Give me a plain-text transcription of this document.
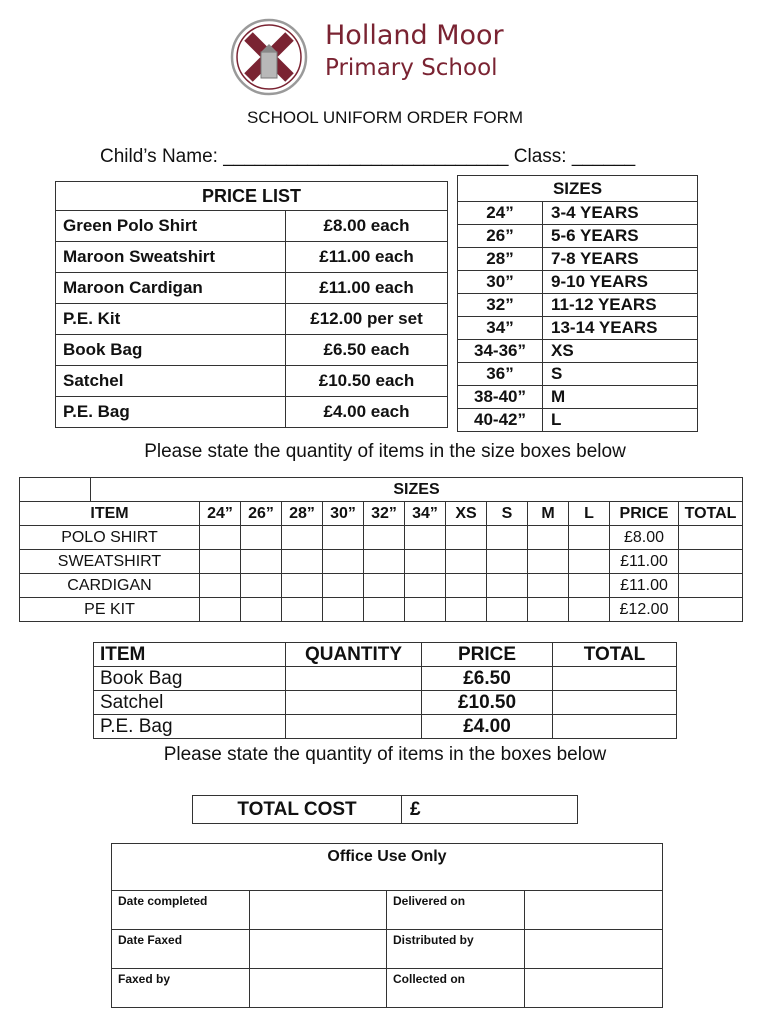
Holland Moor
Primary School
SCHOOL UNIFORM ORDER FORM
Child’s Name: ___________________________ Class: ______
PRICE LIST	
Green Polo Shirt	£8.00 each
Maroon Sweatshirt	£11.00 each
Maroon Cardigan	£11.00 each
P.E. Kit	£12.00 per set
Book Bag	£6.50 each
Satchel	£10.50 each
P.E. Bag	£4.00 each
SIZES	
24”	3-4 YEARS
26”	5-6 YEARS
28”	7-8 YEARS
30”	9-10 YEARS
32”	11-12 YEARS
34”	13-14 YEARS
34-36”	XS
36”	S
38-40”	M
40-42”	L
Please state the quantity of items in the size boxes below
	SIZES												
ITEM		24”	26”	28”	30”	32”	34”	XS	S	M	L	PRICE	TOTAL
POLO SHIRT												£8.00	
SWEATSHIRT												£11.00	
CARDIGAN												£11.00	
PE KIT												£12.00	
ITEM	QUANTITY	PRICE	TOTAL
Book Bag		£6.50	
Satchel		£10.50	
P.E. Bag		£4.00	
Please state the quantity of items in the boxes below
TOTAL COST	£
Office Use Only			
Date completed		Delivered on	
Date Faxed		Distributed by	
Faxed by		Collected on	
